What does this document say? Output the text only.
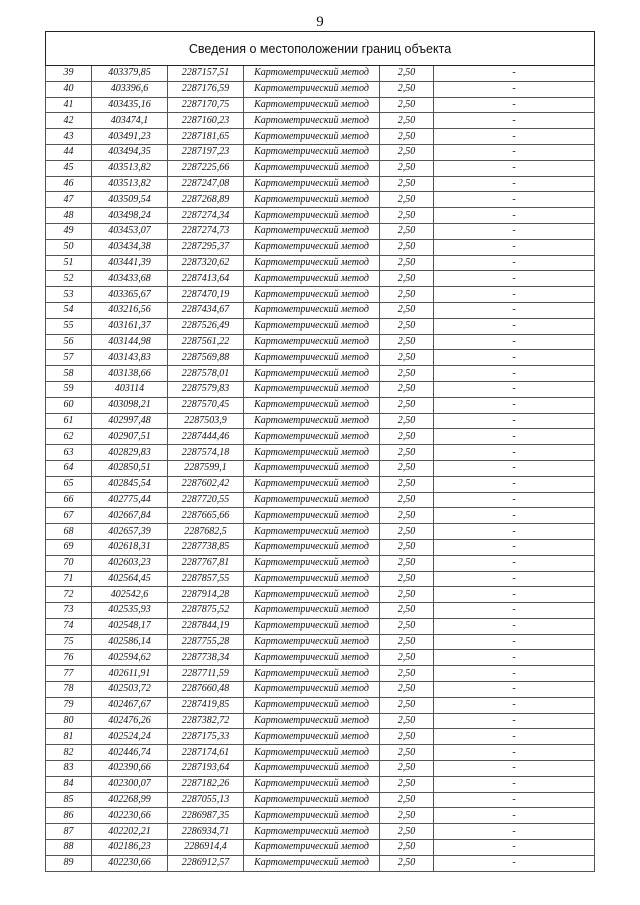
9
Сведения о местоположении границ объекта					
39	403379,85	2287157,51	Картометрический метод	2,50	-
40	403396,6	2287176,59	Картометрический метод	2,50	-
41	403435,16	2287170,75	Картометрический метод	2,50	-
42	403474,1	2287160,23	Картометрический метод	2,50	-
43	403491,23	2287181,65	Картометрический метод	2,50	-
44	403494,35	2287197,23	Картометрический метод	2,50	-
45	403513,82	2287225,66	Картометрический метод	2,50	-
46	403513,82	2287247,08	Картометрический метод	2,50	-
47	403509,54	2287268,89	Картометрический метод	2,50	-
48	403498,24	2287274,34	Картометрический метод	2,50	-
49	403453,07	2287274,73	Картометрический метод	2,50	-
50	403434,38	2287295,37	Картометрический метод	2,50	-
51	403441,39	2287320,62	Картометрический метод	2,50	-
52	403433,68	2287413,64	Картометрический метод	2,50	-
53	403365,67	2287470,19	Картометрический метод	2,50	-
54	403216,56	2287434,67	Картометрический метод	2,50	-
55	403161,37	2287526,49	Картометрический метод	2,50	-
56	403144,98	2287561,22	Картометрический метод	2,50	-
57	403143,83	2287569,88	Картометрический метод	2,50	-
58	403138,66	2287578,01	Картометрический метод	2,50	-
59	403114	2287579,83	Картометрический метод	2,50	-
60	403098,21	2287570,45	Картометрический метод	2,50	-
61	402997,48	2287503,9	Картометрический метод	2,50	-
62	402907,51	2287444,46	Картометрический метод	2,50	-
63	402829,83	2287574,18	Картометрический метод	2,50	-
64	402850,51	2287599,1	Картометрический метод	2,50	-
65	402845,54	2287602,42	Картометрический метод	2,50	-
66	402775,44	2287720,55	Картометрический метод	2,50	-
67	402667,84	2287665,66	Картометрический метод	2,50	-
68	402657,39	2287682,5	Картометрический метод	2,50	-
69	402618,31	2287738,85	Картометрический метод	2,50	-
70	402603,23	2287767,81	Картометрический метод	2,50	-
71	402564,45	2287857,55	Картометрический метод	2,50	-
72	402542,6	2287914,28	Картометрический метод	2,50	-
73	402535,93	2287875,52	Картометрический метод	2,50	-
74	402548,17	2287844,19	Картометрический метод	2,50	-
75	402586,14	2287755,28	Картометрический метод	2,50	-
76	402594,62	2287738,34	Картометрический метод	2,50	-
77	402611,91	2287711,59	Картометрический метод	2,50	-
78	402503,72	2287660,48	Картометрический метод	2,50	-
79	402467,67	2287419,85	Картометрический метод	2,50	-
80	402476,26	2287382,72	Картометрический метод	2,50	-
81	402524,24	2287175,33	Картометрический метод	2,50	-
82	402446,74	2287174,61	Картометрический метод	2,50	-
83	402390,66	2287193,64	Картометрический метод	2,50	-
84	402300,07	2287182,26	Картометрический метод	2,50	-
85	402268,99	2287055,13	Картометрический метод	2,50	-
86	402230,66	2286987,35	Картометрический метод	2,50	-
87	402202,21	2286934,71	Картометрический метод	2,50	-
88	402186,23	2286914,4	Картометрический метод	2,50	-
89	402230,66	2286912,57	Картометрический метод	2,50	-
